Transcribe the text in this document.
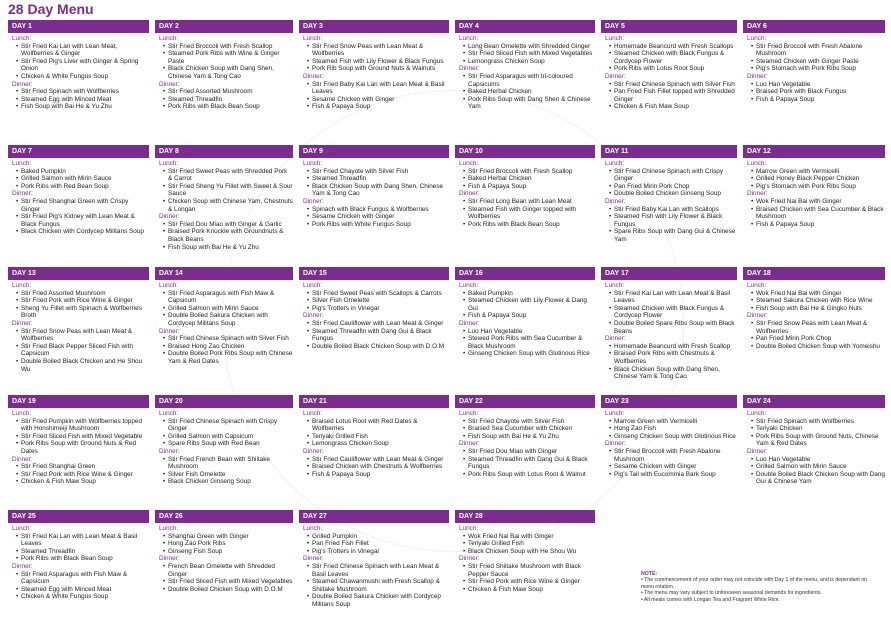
28 Day Menu
DAY 1
Lunch:
• Stir Fried Kai Lan with Lean Meat, Wolfberries & Ginger
• Stir Fried Pig's Liver with Ginger & Spring Onion
• Chicken & White Fungus Soup
Dinner:
• Stir Fried Spinach with Wolfberries
• Steamed Egg with Minced Meat
• Fish Soup with Bai He & Yu Zhu
DAY 2
Lunch:
• Stir Fried Broccoli with Fresh Scallop
• Steamed Pork Ribs with Wine & Ginger Paste
• Black Chicken Soup with Dang Shen, Chinese Yam & Tong Cao
Dinner:
• Stir Fried Assorted Mushroom
• Steamed Threadfin
• Pork Ribs with Black Bean Soup
DAY 3
Lunch:
• Stir Fried Snow Peas with Lean Meat & Wolfberries
• Steamed Fish with Lily Flower & Black Fungus
• Pork Rib Soup with Ground Nuts & Walnuts
Dinner:
• Stir Fried Baby Kai Lan with Lean Meat & Basil Leaves
• Sesame Chicken with Ginger
• Fish & Papaya Soup
DAY 4
Lunch:
• Long Bean Omelette with Shredded Ginger
• Stir Fried Sliced Fish with Mixed Vegetables
• Lemongrass Chicken Soup
Dinner:
• Stir Fried Asparagus with tri-coloured Capsicums
• Baked Herbal Chicken
• Pork Ribs Soup with Dang Shen & Chinese Yam
DAY 5
Lunch:
• Homemade Beancurd with Fresh Scallops
• Steamed Chicken with Black Fungus & Cordycep Flower
• Pork Ribs with Lotus Root Soup
Dinner:
• Stir Fried Chinese Spinach with Silver Fish
• Pan Fried Fish Fillet topped with Shredded Ginger
• Chicken & Fish Maw Soup
DAY 6
Lunch:
• Stir Fried Broccoli with Fresh Abalone Mushroom
• Steamed Chicken with Ginger Paste
• Pig's Stomach with Pork Ribs Soup
Dinner:
• Luo Han Vegetable
• Braised Pork with Black Fungus
• Fish & Papaya Soup
DAY 7
Lunch:
• Baked Pumpkin
• Grilled Salmon with Mirin Sauce
• Pork Ribs with Red Bean Soup
Dinner:
• Stir Fried Shanghai Green with Crispy Ginger
• Stir Fried Pig's Kidney with Lean Meat & Black Fungus
• Black Chicken with Cordycep Militans Soup
DAY 8
Lunch:
• Stir Fried Sweet Peas with Shredded Pork & Carrot
• Stir Fried Sheng Yu Fillet with Sweet & Sour Sauce
• Chicken Soup with Chinese Yam, Chestnuts & Longan
Dinner:
• Stir Fried Dou Miao with Ginger & Garlic
• Braised Pork Knuckle with Groundnuts & Black Beans
• Fish Soup with Bai He & Yu Zhu
DAY 9
Lunch:
• Stir Fried Chayote with Silver Fish
• Steamed Threadfin
• Black Chicken Soup with Dang Shen, Chinese Yam & Tong Cao
Dinner:
• Spinach with Black Fungus & Wolfberries
• Sesame Chicken with Ginger
• Pork Ribs with White Fungus Soup
DAY 10
Lunch:
• Stir Fried Broccoli with Fresh Scallop
• Baked Herbal Chicken
• Fish & Papaya Soup
Dinner:
• Stir Fried Long Bean with Lean Meat
• Steamed Fish with Ginger topped with Wolfberries
• Pork Ribs with Black Bean Soup
DAY 11
Lunch:
• Stir Fried Chinese Spinach with Crispy Ginger
• Pan Fried Mirin Pork Chop
• Double Boiled Chicken Ginseng Soup
Dinner:
• Stir Fried Baby Kai Lan with Scallops
• Steamed Fish with Lily Flower & Black Fungus
• Spare Ribs Soup with Dang Gui & Chinese Yam
DAY 12
Lunch:
• Marrow Green with Vermicelli
• Grilled Honey Black Pepper Chicken
• Pig's Stomach with Pork Ribs Soup
Dinner:
• Wok Fried Nai Bai with Ginger
• Braised Chicken with Sea Cucumber & Black Mushroom
• Fish & Papaya Soup
DAY 13
Lunch:
• Stir Fried Assorted Mushroom
• Stir Fried Pork with Rice Wine & Ginger
• Sheng Yu Fillet with Spinach & Wolfberries Broth
Dinner:
• Stir Fried Snow Peas with Lean Meat & Wolfberries
• Stir Fried Black Pepper Sliced Fish with Capsicum
• Double Boiled Black Chicken and He Shou Wu
DAY 14
Lunch:
• Stir Fried Asparagus with Fish Maw & Capsicum
• Grilled Salmon with Mirin Sauce
• Double Boiled Sakura Chicken with Cordycep Militans Soup
Dinner:
• Stir Fried Chinese Spinach with Silver Fish
• Braised Hong Zao Chicken
• Double Boiled Pork Ribs Soup with Chinese Yam & Red Dates
DAY 15
Lunch:
• Stir Fried Sweet Peas with Scallops & Carrots
• Silver Fish Omelette
• Pig's Trotters in Vinegar
Dinner:
• Stir Fried Cauliflower with Lean Meat & Ginger
• Steamed Threadfin with Dang Gui & Black Fungus
• Double Boiled Black Chicken Soup with D.O.M
DAY 16
Lunch:
• Baked Pumpkin
• Steamed Chicken with Lily Flower & Dang Gui
• Fish & Papaya Soup
Dinner:
• Luo Han Vegetable
• Stewed Pork Ribs with Sea Cucumber & Black Mushroom
• Ginseng Chicken Soup with Glutinous Rice
DAY 17
Lunch:
• Stir Fried Kai Lan with Lean Meat & Basil Leaves
• Steamed Chicken with Black Fungus & Cordycep Flower
• Double Boiled Spare Ribs Soup with Black Beans
Dinner:
• Homemade Beancurd with Fresh Scallop
• Braised Pork Ribs with Chestnuts & Wolfberries
• Black Chicken Soup with Dang Shen, Chinese Yam & Tong Cao
DAY 18
Lunch:
• Wok Fried Nai Bai with Ginger
• Steamed Sakura Chicken with Rice Wine
• Fish Soup with Bai He & Gingko Nuts
Dinner:
• Stir Fried Snow Peas with Lean Meat & Wolfberries
• Pan Fried Mirin Pork Chop
• Double Boiled Chicken Soup with Yomeishu
DAY 19
Lunch:
• Stir Fried Pumpkin with Wolfberries topped with Honshimeiji Mushroom
• Stir Fried Sliced Fish with Mixed Vegetable
• Pork Ribs Soup with Ground Nuts & Red Dates
Dinner:
• Stir Fried Shanghai Green
• Stir Fried Pork with Rice Wine & Ginger
• Chicken & Fish Maw Soup
DAY 20
Lunch:
• Stir Fried Chinese Spinach with Crispy Ginger
• Grilled Salmon with Capsicum
• Spare Ribs Soup with Red Bean
Dinner:
• Stir Fried French Bean with Shiitake Mushroom
• Silver Fish Omelette
• Black Chicken Ginseng Soup
DAY 21
Lunch:
• Braised Lotus Root with Red Dates & Wolfberries
• Teriyaki Grilled Fish
• Lemongrass Chicken Soup
Dinner:
• Stir Fried Cauliflower with Lean Meat & Ginger
• Braised Chicken with Chestnuts & Wolfberries
• Fish & Papaya Soup
DAY 22
Lunch:
• Stir Fried Chayote with Silver Fish
• Braised Sea Cucumber with Chicken
• Fish Soup with Bai He & Yu Zhu
Dinner:
• Stir Fried Dou Miao with Ginger
• Steamed Threadfin with Dang Gui & Black Fungus
• Pork Ribs Soup with Lotus Root & Walnut
DAY 23
Lunch:
• Marrow Green with Vermicelli
• Hong Zao Fish
• Ginseng Chicken Soup with Glutinous Rice
Dinner:
• Stir Fried Broccoli with Fresh Abalone Mushroom
• Sesame Chicken with Ginger
• Pig's Tail with Eucommia Bark Soup
DAY 24
Lunch:
• Stir Fried Spinach with Wolfberries
• Teriyaki Chicken
• Pork Ribs Soup with Ground Nuts, Chinese Yam & Red Dates
Dinner:
• Luo Han Vegetable
• Grilled Salmon with Mirin Sauce
• Double Boiled Black Chicken Soup with Dang Gui & Chinese Yam
DAY 25
Lunch:
• Stir Fried Kai Lan with Lean Meat & Basil Leaves
• Steamed Threadfin
• Pork Ribs with Black Bean Soup
Dinner:
• Stir Fried Asparagus with Fish Maw & Capsicum
• Steamed Egg with Minced Meat
• Chicken & White Fungus Soup
DAY 26
Lunch:
• Shanghai Green with Ginger
• Hong Zao Pork Ribs
• Ginseng Fish Soup
Dinner:
• French Bean Omelette with Shredded Ginger
• Stir Fried Sliced Fish with Mixed Vegetables
• Double Boiled Chicken Soup with D.O.M
DAY 27
Lunch:
• Grilled Pumpkin
• Pan Fried Fish Fillet
• Pig's Trotters in Vinegar
Dinner:
• Stir Fried Chinese Spinach with Lean Meat & Basil Leaves
• Steamed Chawanmushi with Fresh Scallop & Shiitake Mushroom
• Double Boiled Sakura Chicken with Cordycep Militans Soup
DAY 28
Lunch:
• Wok Fried Nai Bai with Ginger
• Teriyaki Grilled Fish
• Black Chicken Soup with He Shou Wu
Dinner:
• Stir Fried Shiitake Mushroom with Black Pepper Sauce
• Stir Fried Pork with Rice Wine & Ginger
• Chicken & Fish Maw Soup
NOTE:
• The commencement of your order may not coincide with Day 1 of the menu, and is dependant on menu rotation.
• The menu may vary subject to unforeseen seasonal demands for ingredients.
• All meals comes with Longan Tea and Fragrant White Rice.
